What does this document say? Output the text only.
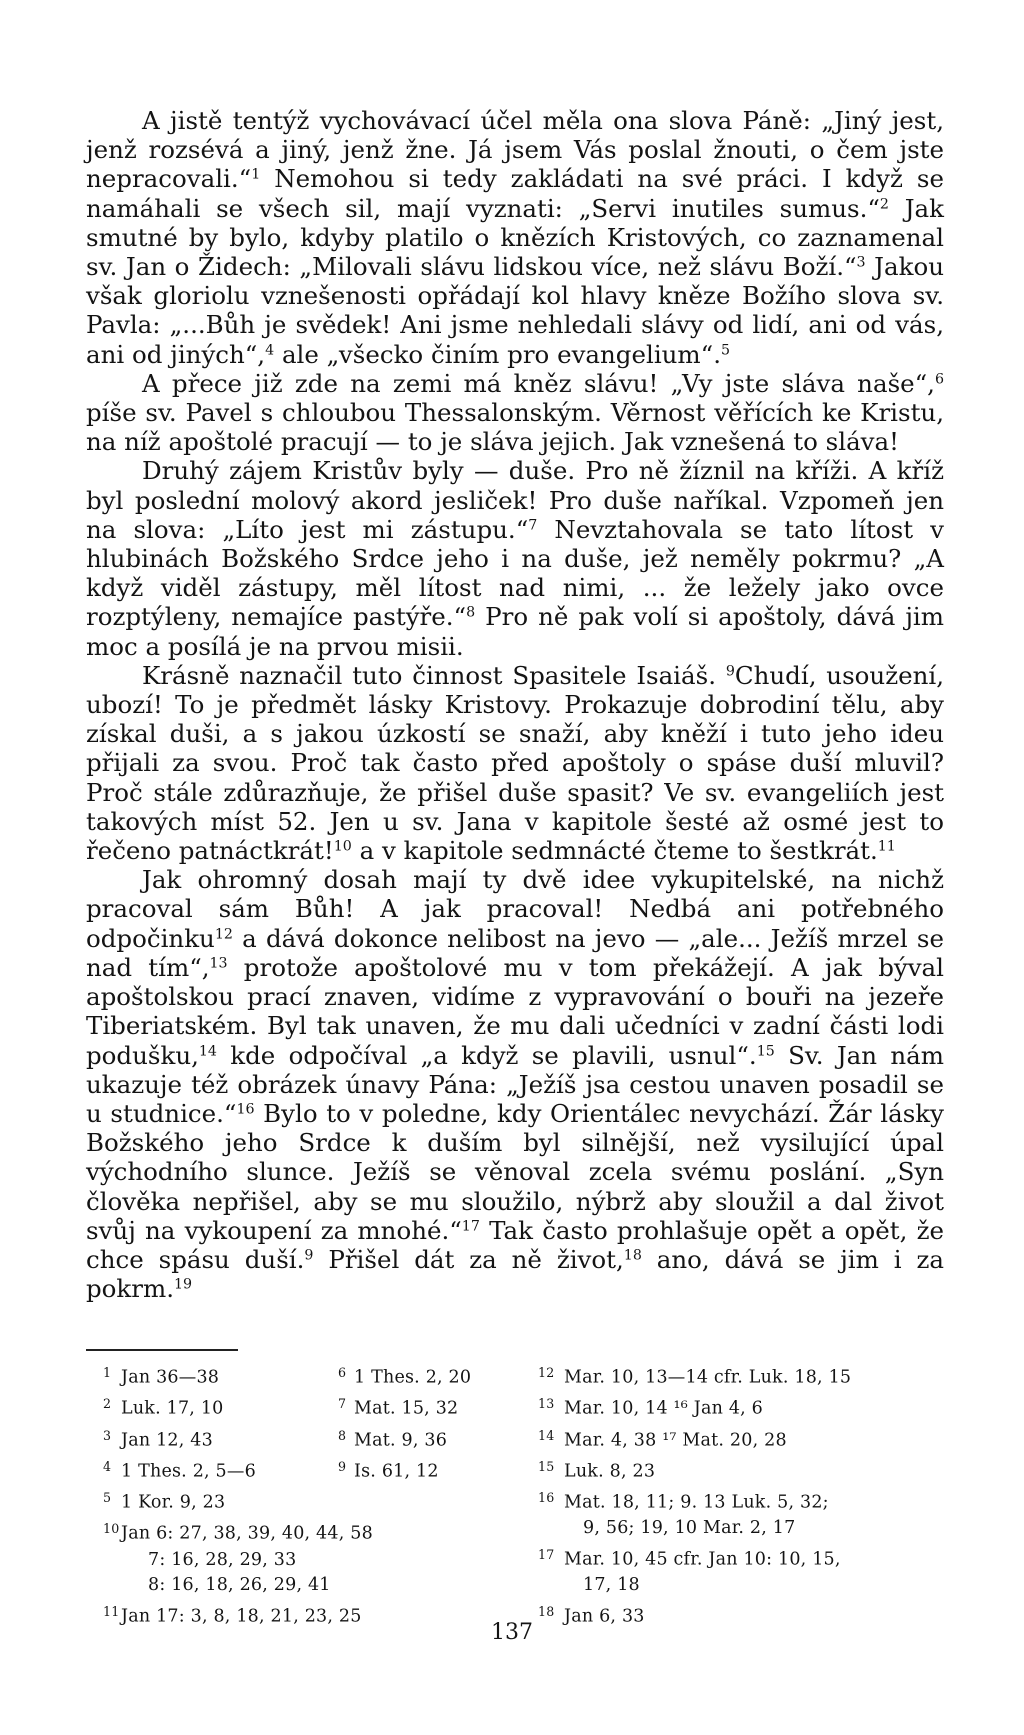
A jistě tentýž vychovávací účel měla ona slova Páně: „Jiný jest, jenž rozsévá a jiný, jenž žne. Já jsem Vás poslal žnouti, o čem jste nepracovali.“$^1$ Nemohou si tedy zakládati na své práci. I když se namáhali se všech sil, mají vyznati: „Servi inutiles sumus.“$^2$ Jak smutné by bylo, kdyby platilo o knězích Kristových, co zaznamenal sv. Jan o Židech: „Milovali slávu lidskou více, než slávu Boží.“$^3$ Jakou však gloriolu vznešenosti opřádají kol hlavy kněze Božího slova sv. Pavla: „...Bůh je svědek! Ani jsme nehledali slávy od lidí, ani od vás, ani od jiných“,$^4$ ale „všecko činím pro evangelium“.$^5$

A přece již zde na zemi má kněz slávu! „Vy jste sláva naše“,$^6$ píše sv. Pavel s chloubou Thessalonským. Věrnost věřících ke Kristu, na níž apoštolé pracují — to je sláva jejich. Jak vznešená to sláva!

Druhý zájem Kristův byly — duše. Pro ně žíznil na kříži. A kříž byl poslední molový akord jesliček! Pro duše naříkal. Vzpomeň jen na slova: „Líto jest mi zástupu.“$^7$ Nevztahovala se tato lítost v hlubinách Božského Srdce jeho i na duše, jež neměly pokrmu? „A když viděl zástupy, měl lítost nad nimi, ... že ležely jako ovce rozptýleny, nemajíce pastýře.“$^8$ Pro ně pak volí si apoštoly, dává jim moc a posílá je na prvou misii.

Krásně naznačil tuto činnost Spasitele Isaiáš. $^9$Chudí, usoužení, ubozí! To je předmět lásky Kristovy. Prokazuje dobrodiní tělu, aby získal duši, a s jakou úzkostí se snaží, aby kněží i tuto jeho ideu přijali za svou. Proč tak často před apoštoly o spáse duší mluvil? Proč stále zdůrazňuje, že přišel duše spasit? Ve sv. evangeliích jest takových míst 52. Jen u sv. Jana v kapitole šesté až osmé jest to řečeno patnáctkrát!$^{10}$ a v kapitole sedmnácté čteme to šestkrát.$^{11}$

Jak ohromný dosah mají ty dvě idee vykupitelské, na nichž pracoval sám Bůh! A jak pracoval! Nedbá ani potřebného odpočinku$^{12}$ a dává dokonce nelibost na jevo — „ale... Ježíš mrzel se nad tím“,$^{13}$ protože apoštolové mu v tom překážejí. A jak býval apoštolskou prací znaven, vidíme z vypravování o bouři na jezeře Tiberiatském. Byl tak unaven, že mu dali učedníci v zadní části lodi podušku,$^{14}$ kde odpočíval „a když se plavili, usnul“.$^{15}$ Sv. Jan nám ukazuje též obrázek únavy Pána: „Ježíš jsa cestou unaven posadil se u studnice.“$^{16}$ Bylo to v poledne, kdy Orientálec nevychází. Žár lásky Božského jeho Srdce k duším byl silnější, než vysilující úpal východního slunce. Ježíš se věnoval zcela svému poslání. „Syn člověka nepřišel, aby se mu sloužilo, nýbrž aby sloužil a dal život svůj na vykoupení za mnohé.“$^{17}$ Tak často prohlašuje opět a opět, že chce spásu duší.$^9$ Přišel dát za ně život,$^{18}$ ano, dává se jim i za pokrm.$^{19}$

1 Jan 36—38
2 Luk. 17, 10
3 Jan 12, 43
4 1 Thes. 2, 5—6
5 1 Kor. 9, 23
10Jan 6: 27, 38, 39, 40, 44, 58
7: 16, 28, 29, 33
8: 16, 18, 26, 29, 41
11Jan 17: 3, 8, 18, 21, 23, 25
6 1 Thes. 2, 20
7 Mat. 15, 32
8 Mat. 9, 36
9 Is. 61, 12
12 Mar. 10, 13—14 cfr. Luk. 18, 15
13 Mar. 10, 14 ¹⁶ Jan 4, 6
14 Mar. 4, 38 ¹⁷ Mat. 20, 28
15 Luk. 8, 23
16 Mat. 18, 11; 9. 13 Luk. 5, 32;
9, 56; 19, 10 Mar. 2, 17
17 Mar. 10, 45 cfr. Jan 10: 10, 15,
17, 18
18 Jan 6, 33
137
